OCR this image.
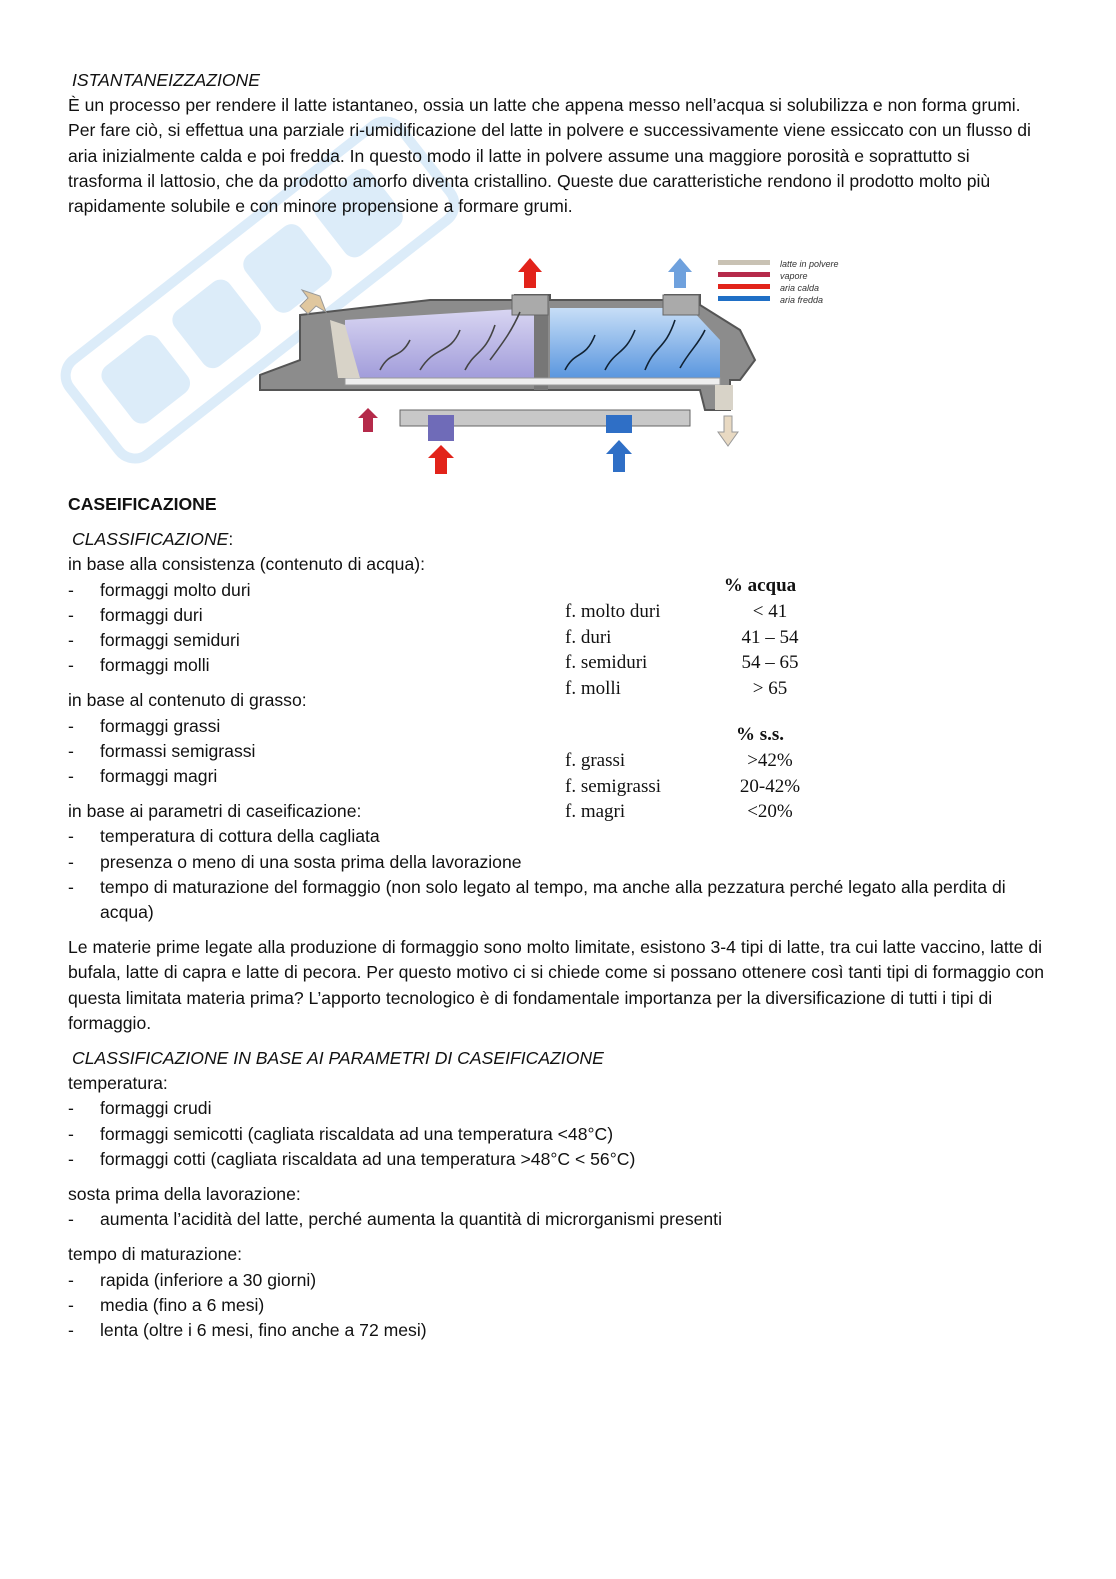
ISTANTANEIZZAZIONE

È un processo per rendere il latte istantaneo, ossia un latte che appena messo nell’acqua si solubilizza e non forma grumi. Per fare ciò, si effettua una parziale ri-umidificazione del latte in polvere e successivamente viene essiccato con un flusso di aria inizialmente calda e poi fredda. In questo modo il latte in polvere assume una maggiore porosità e soprattutto si trasforma il lattosio, che da prodotto amorfo diventa cristallino. Queste due caratteristiche rendono il prodotto molto più rapidamente solubile e con minore propensione a formare grumi.

latte in polvere
vapore
aria calda
aria fredda

CASEIFICAZIONE

CLASSIFICAZIONE:

in base alla consistenza (contenuto di acqua):

- formaggi molto duri
- formaggi duri
- formaggi semiduri
- formaggi molli

in base al contenuto di grasso:

- formaggi grassi
- formassi semigrassi
- formaggi magri

in base ai parametri di caseificazione:

- temperatura di cottura della cagliata
- presenza o meno di una sosta prima della lavorazione
- tempo di maturazione del formaggio (non solo legato al tempo, ma anche alla pezzatura perché legato alla perdita di acqua)

Le materie prime legate alla produzione di formaggio sono molto limitate, esistono 3-4 tipi di latte, tra cui latte vaccino, latte di bufala, latte di capra e latte di pecora. Per questo motivo ci si chiede come si possano ottenere così tanti tipi di formaggio con questa limitata materia prima? L’apporto tecnologico è di fondamentale importanza per la diversificazione di tutti i tipi di formaggio.

CLASSIFICAZIONE IN BASE AI PARAMETRI DI CASEIFICAZIONE

temperatura:

- formaggi crudi
- formaggi semicotti (cagliata riscaldata ad una temperatura <48°C)
- formaggi cotti (cagliata riscaldata ad una temperatura >48°C < 56°C)

sosta prima della lavorazione:

- aumenta l’acidità del latte, perché aumenta la quantità di microrganismi presenti

tempo di maturazione:

- rapida (inferiore a 30 giorni)
- media (fino a 6 mesi)
- lenta (oltre i 6 mesi, fino anche a 72 mesi)
% acqua
f. molto duri	< 41
f. duri	41 – 54
f. semiduri	54 – 65
f. molli	> 65
% s.s.
f. grassi	>42%
f. semigrassi	20-42%
f. magri	<20%
